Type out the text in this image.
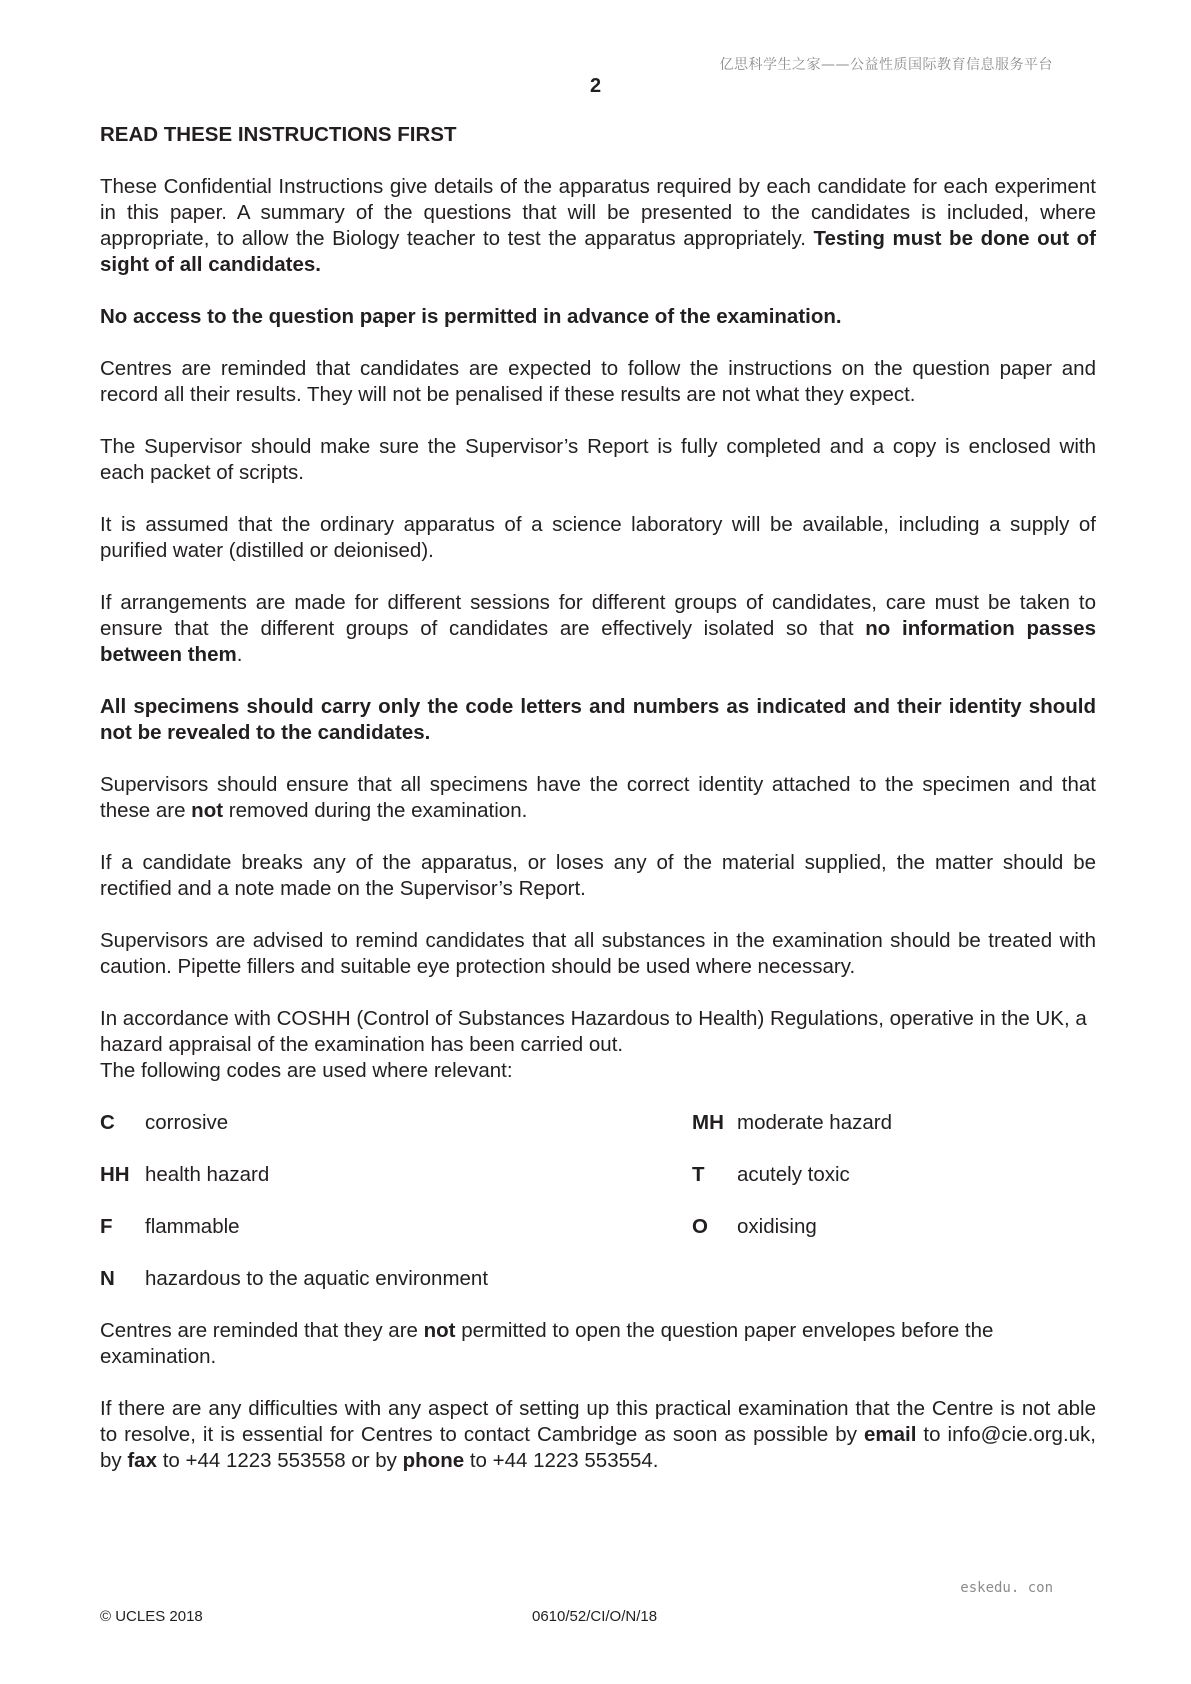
亿思科学生之家——公益性质国际教育信息服务平台
2
READ THESE INSTRUCTIONS FIRST

These Confidential Instructions give details of the apparatus required by each candidate for each experiment in this paper. A summary of the questions that will be presented to the candidates is included, where appropriate, to allow the Biology teacher to test the apparatus appropriately. Testing must be done out of sight of all candidates.

No access to the question paper is permitted in advance of the examination.

Centres are reminded that candidates are expected to follow the instructions on the question paper and record all their results. They will not be penalised if these results are not what they expect.

The Supervisor should make sure the Supervisor’s Report is fully completed and a copy is enclosed with each packet of scripts.

It is assumed that the ordinary apparatus of a science laboratory will be available, including a supply of purified water (distilled or deionised).

If arrangements are made for different sessions for different groups of candidates, care must be taken to ensure that the different groups of candidates are effectively isolated so that no information passes between them.

All specimens should carry only the code letters and numbers as indicated and their identity should not be revealed to the candidates.

Supervisors should ensure that all specimens have the correct identity attached to the specimen and that these are not removed during the examination.

If a candidate breaks any of the apparatus, or loses any of the material supplied, the matter should be rectified and a note made on the Supervisor’s Report.

Supervisors are advised to remind candidates that all substances in the examination should be treated with caution. Pipette fillers and suitable eye protection should be used where necessary.

In accordance with COSHH (Control of Substances Hazardous to Health) Regulations, operative in the UK, a hazard appraisal of the examination has been carried out.
The following codes are used where relevant:

C	corrosive	MH moderate hazard
HH health hazard	T	acutely toxic
F	flammable	O	oxidising
N	hazardous to the aquatic environment

Centres are reminded that they are not permitted to open the question paper envelopes before the examination.

If there are any difficulties with any aspect of setting up this practical examination that the Centre is not able to resolve, it is essential for Centres to contact Cambridge as soon as possible by email to info@cie.org.uk, by fax to +44 1223 553558 or by phone to +44 1223 553554.

eskedu. con
© UCLES 2018	0610/52/CI/O/N/18
